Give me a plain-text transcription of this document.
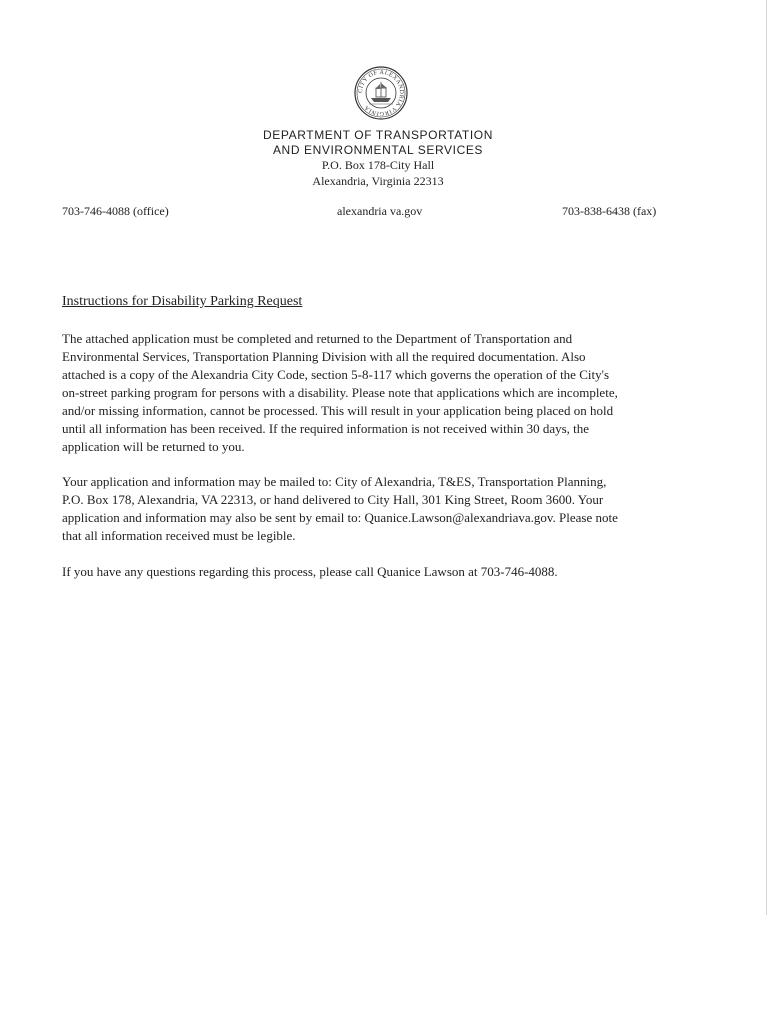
CITY OF ALEXANDRIA VIRGINIA
DEPARTMENT OF TRANSPORTATION
AND ENVIRONMENTAL SERVICES
P.O. Box 178-City Hall
Alexandria, Virginia 22313
703-746-4088 (office)	alexandria va.gov	703-838-6438 (fax)
Instructions for Disability Parking Request
The attached application must be completed and returned to the Department of Transportation and
Environmental Services, Transportation Planning Division with all the required documentation. Also
attached is a copy of the Alexandria City Code, section 5-8-117 which governs the operation of the City's
on-street parking program for persons with a disability. Please note that applications which are incomplete,
and/or missing information, cannot be processed. This will result in your application being placed on hold
until all information has been received. If the required information is not received within 30 days, the
application will be returned to you.
Your application and information may be mailed to: City of Alexandria, T&ES, Transportation Planning,
P.O. Box 178, Alexandria, VA 22313, or hand delivered to City Hall, 301 King Street, Room 3600. Your
application and information may also be sent by email to: Quanice.Lawson@alexandriava.gov. Please note
that all information received must be legible.
If you have any questions regarding this process, please call Quanice Lawson at 703-746-4088.
